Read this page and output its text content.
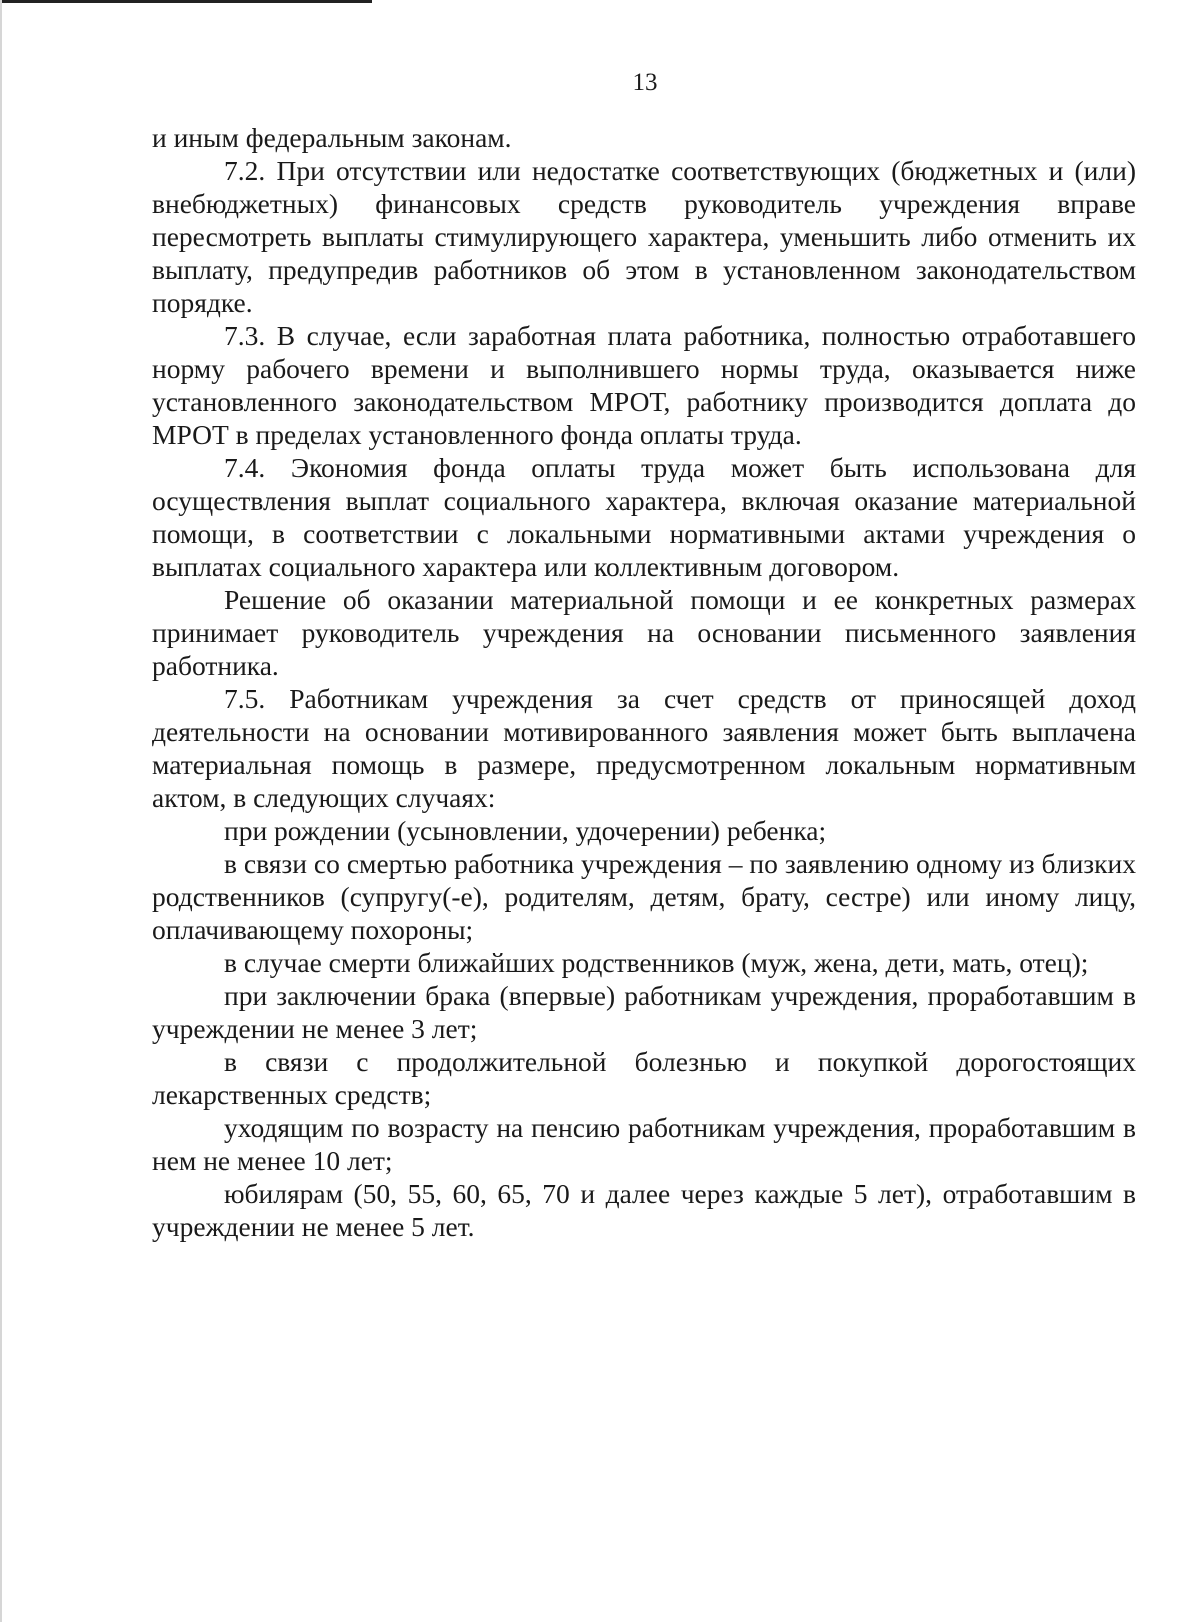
13

и иным федеральным законам.

7.2. При отсутствии или недостатке соответствующих (бюджетных и (или) внебюджетных) финансовых средств руководитель учреждения вправе пересмотреть выплаты стимулирующего характера, уменьшить либо отменить их выплату, предупредив работников об этом в установленном законодательством порядке.

7.3. В случае, если заработная плата работника, полностью отработавшего норму рабочего времени и выполнившего нормы труда, оказывается ниже установленного законодательством МРОТ, работнику производится доплата до МРОТ в пределах установленного фонда оплаты труда.

7.4. Экономия фонда оплаты труда может быть использована для осуществления выплат социального характера, включая оказание материальной помощи, в соответствии с локальными нормативными актами учреждения о выплатах социального характера или коллективным договором.

Решение об оказании материальной помощи и ее конкретных размерах принимает руководитель учреждения на основании письменного заявления работника.

7.5. Работникам учреждения за счет средств от приносящей доход деятельности на основании мотивированного заявления может быть выплачена материальная помощь в размере, предусмотренном локальным нормативным актом, в следующих случаях:

при рождении (усыновлении, удочерении) ребенка;

в связи со смертью работника учреждения – по заявлению одному из близких родственников (супругу(-е), родителям, детям, брату, сестре) или иному лицу, оплачивающему похороны;

в случае смерти ближайших родственников (муж, жена, дети, мать, отец);

при заключении брака (впервые) работникам учреждения, проработавшим в учреждении не менее 3 лет;

в связи с продолжительной болезнью и покупкой дорогостоящих лекарственных средств;

уходящим по возрасту на пенсию работникам учреждения, проработавшим в нем не менее 10 лет;

юбилярам (50, 55, 60, 65, 70 и далее через каждые 5 лет), отработавшим в учреждении не менее 5 лет.
